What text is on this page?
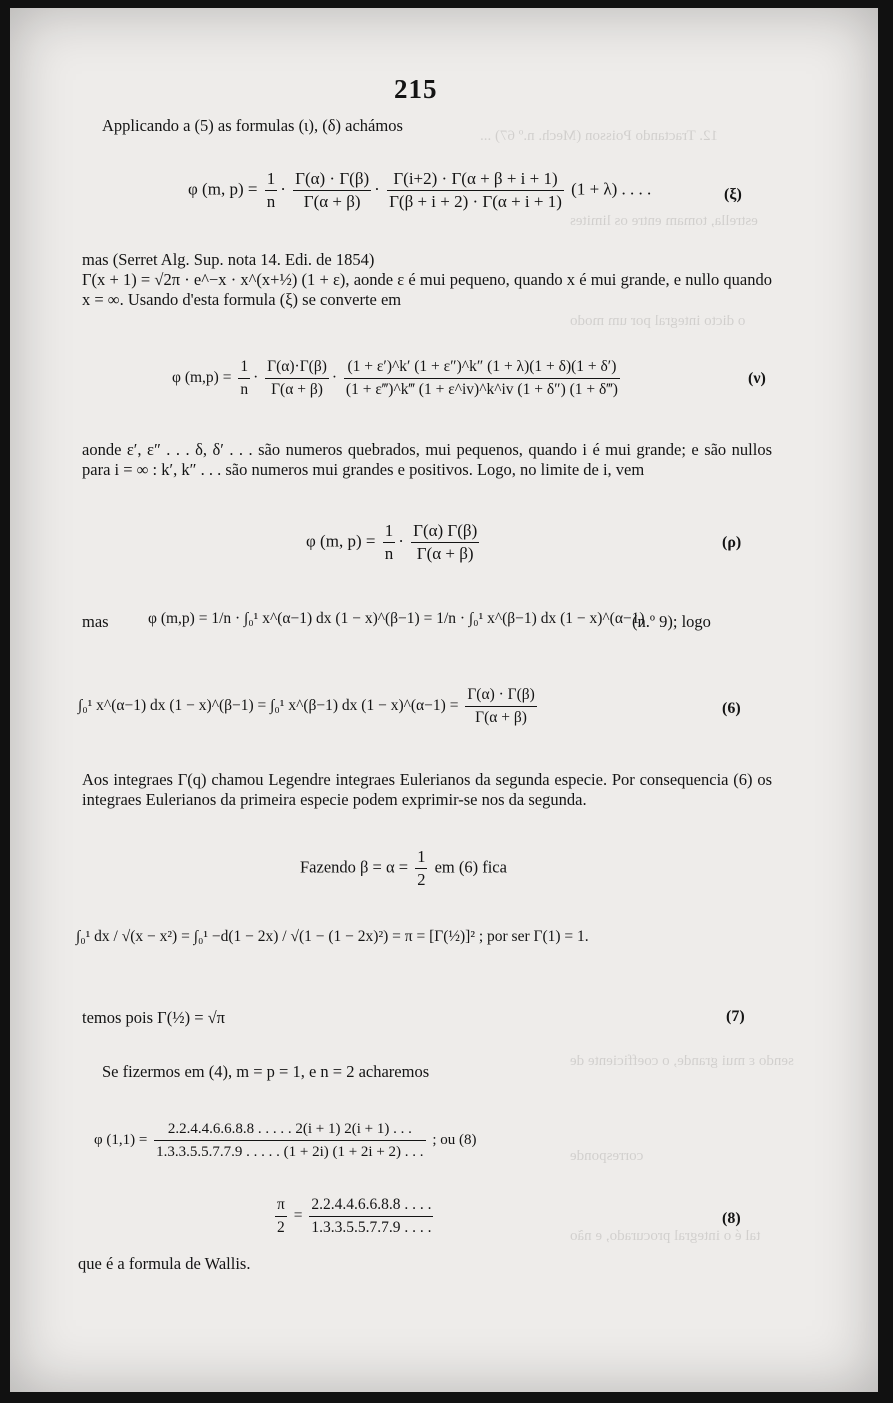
12. Tractando Poisson (Mech. n.º 67) ...
estrella, tomam entre os limites
o dicto integral por um modo
sendo ε mui grande, o coefficiente de
corresponde
tal é o integral procurado, e não
215
Applicando a (5) as formulas (ι), (δ) achámos
φ (m, $p) = \frac{1}{n} \cdot \frac{\Gamma(\alpha) \cdot \Gamma(\beta)}{\Gamma(\alpha + \beta)} \cdot \frac{\Gamma(i+2) \cdot \Gamma(\alpha + \beta + i + 1)}{\Gamma(\beta + i + 2) \cdot \Gamma(\alpha + i + 1)} (1 + \lambda)$ . . . .	(ξ)
mas (Serret Alg. Sup. nota 14. Edi. de 1854)
Γ(x + 1) = √2π · e^−x · x^(x+½) (1 + ε), aonde ε é mui pequeno, quando x é mui grande, e nullo quando x = ∞. Usando d'esta formula (ξ) se converte em
φ $(m,p) = \frac{1}{n} \cdot \frac{\Gamma(\alpha)\cdot\Gamma(\beta)}{\Gamma(\alpha + \beta)} \cdot \frac{(1 + \varepsilon')\^{}k' (1 + \varepsilon'')\^{}k'' (1 + \lambda)(1 + \delta)(1 + \delta')}{(1 + \varepsilon‴)\^{}k‴ (1 + \varepsilon\^{}iv)\^{}k\^{}iv (1 + \delta'') (1 + \delta‴)}$	(ν)
aonde ε′, ε″ . . . δ, δ′ . . . são numeros quebrados, mui pequenos, quando i é mui grande; e são nullos para i = ∞ : k′, k″ . . . são numeros mui grandes e positivos. Logo, no limite de i, vem
φ (m, $p) = \frac{1}{n} \cdot \frac{\Gamma(\alpha) \Gamma(\beta)}{\Gamma(\alpha + \beta)}$	(ρ)
mas	φ (m,p) = 1/n · ∫₀¹ x^(α−1) dx (1 − x)^(β−1) = 1/n · ∫₀¹ x^(β−1) dx (1 − x)^(α−1)
(n.º 9); logo
∫₀¹ x^(α−1) dx (1 − x)^(β−1) = ∫₀¹ x^(β−1) dx (1 − x)^(α−1) = $\frac{\Gamma(\alpha) \cdot \Gamma(\beta)}{\Gamma(\alpha + \beta)}$	(6)
Aos integraes Γ(q) chamou Legendre integraes Eulerianos da segunda especie. Por consequencia (6) os integraes Eulerianos da primeira especie podem exprimir-se nos da segunda.
Fazendo $\beta = \alpha = \frac{1}{2}$ em (6) fica
∫₀¹ dx / √(x − x²) = ∫₀¹ −d(1 − 2x) / √(1 − (1 − 2x)²) = π = [Γ(½)]² ; por ser Γ(1) = 1.
temos pois Γ(½) = √π	(7)
Se fizermos em (4), m = p = 1, e n = 2 acharemos
φ $(1,1) = \frac{2.2.4.4.6.6.8.8 . . . . . 2(i + 1) 2(i + 1) . . .}{1.3.3.5.5.7.7.9 . . . . . (1 + 2i) (1 + 2i + 2) . . .}$ ; ou (8)
$\frac{\pi}{2} = \frac{2.2.4.4.6.6.8.8 . . . .}{1.3.3.5.5.7.7.9 . . . .}$	(8)
que é a formula de Wallis.
